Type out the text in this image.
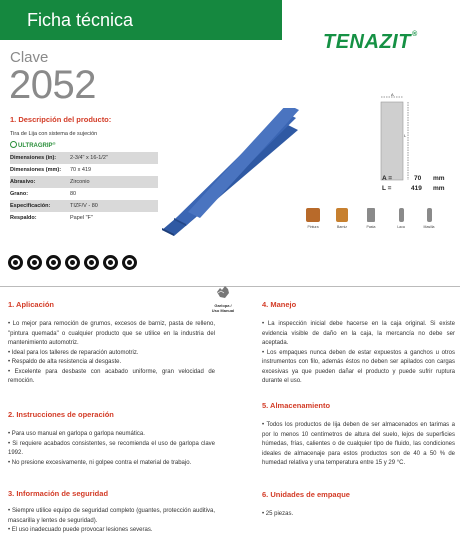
Ficha técnica
TENAZIT®
Clave
2052
1. Descripción del producto:
Tira de Lija con sistema de sujeción
ULTRAGRIP®
Dimensiones (in):	2-3/4" x 16-1/2"
Dimensiones (mm): 70 x 419
Abrasivo:	Zirconio
Grano:	80
Especificación:	TIZF/V - 80
Respaldo:	Papel "F"
A
L
A =	70 mm
L =	419 mm
Pintura	Barniz	Pasta	Laca	Masilla
Garlopa /
Uso Manual
1. Aplicación

• Lo mejor para remoción de grumos, excesos de barniz, pasta de relleno, "pintura quemada" o cualquier producto que se utilice en la industria del mantenimiento automotriz.

• Ideal para los talleres de reparación automotriz.

• Respaldo de alta resistencia al desgaste.

• Excelente para desbaste con acabado uniforme, gran velocidad de remoción.

2. Instrucciones de operación

• Para uso manual en garlopa o garlopa neumática.

• Si requiere acabados consistentes, se recomienda el uso de garlopa clave 1992.

• No presione excesivamente, ni golpee contra el material de trabajo.

3. Información de seguridad

• Siempre utilice equipo de seguridad completo (guantes, protección auditiva, mascarilla y lentes de seguridad).

• El uso inadecuado puede provocar lesiones severas.

4. Manejo

• La inspección inicial debe hacerse en la caja original. Si existe evidencia visible de daño en la caja, la mercancía no debe ser aceptada.

• Los empaques nunca deben de estar expuestos a ganchos u otros instrumentos con filo, además éstos no deben ser apilados con cargas excesivas ya que pueden dañar el producto y puede sufrir ruptura durante el uso.

5. Almacenamiento

• Todos los productos de lija deben de ser almacenados en tarimas a por lo menos 10 centímetros de altura del suelo, lejos de superficies húmedas, frías, calientes o de cualquier tipo de fluido, las condiciones ideales de almacenaje para estos productos son de 40 a 50 % de humedad relativa y una temperatura entre 15 y 29 °C.

6. Unidades de empaque

• 25 piezas.
